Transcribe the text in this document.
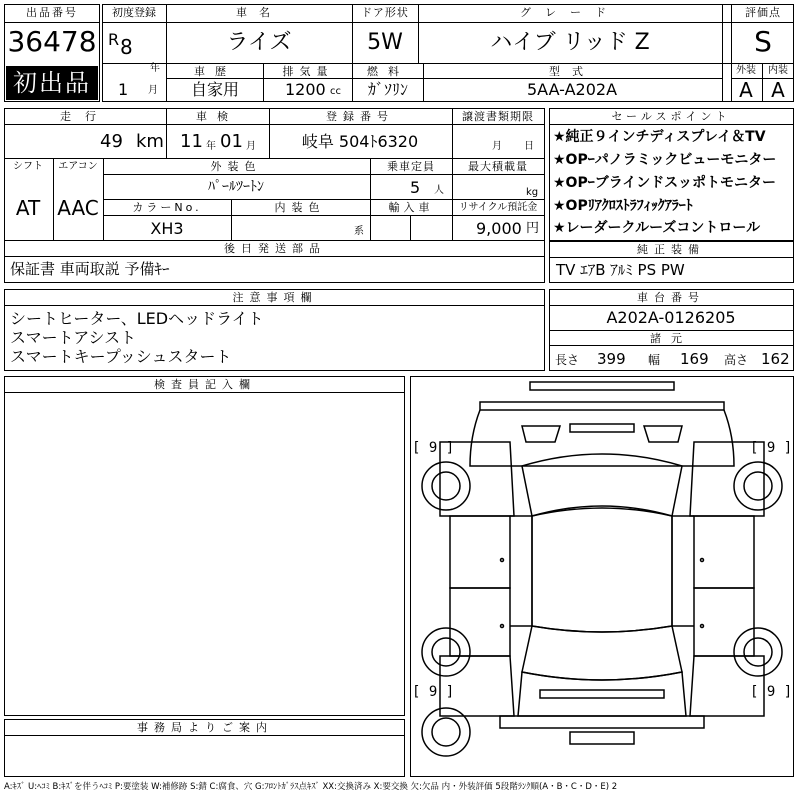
出品番号
36478
初出品
初度登録
R 8
年
1 月
車名
ライズ
ドア形状
5W
グレード
ハイブ リッド Z
評価点
S
車歴
自家用
排気量
1200 cc
燃料
ｶﾞｿﾘﾝ
型式
5AA-A202A
外装
A
内装
A
走行
49 km
車検
11 年 01 月
登録番号
岐阜 504ﾄ6320
譲渡書類期限
月 日
シフト
AT
エアコン
AAC
外装色
ﾊﾟｰﾙﾂｰﾄﾝ
乗車定員
5 人
最大積載量
kg
カラーNo.
XH3
内装色
系
輸入車	リサイクル預託金
9,000 円
後日発送部品
保証書 車両取説 予備ｷｰ
セールスポイント
★純正９インチディスプレイ＆TV
★OPｰパノラミックビューモニター
★OPｰブラインドスッポトモニター
★OPﾘｱｸﾛｽﾄﾗﾌｨｯｸｱﾗｰﾄ
★レーダークルーズコントロール
純正装備
TV ｴｱB ｱﾙﾐ PS PW
注意事項欄
シートヒーター、LEDヘッドライト
スマートアシスト
スマートキープッシュスタート
車台番号
A202A-0126205
諸元
長さ 399 幅 169 高さ 162
検査員記入欄
事務局よりご案内
[ 9 ]	[ 9 ]
[ 9 ]	[ 9 ]
A:ｷｽﾞ U:ﾍｺﾐ B:ｷｽﾞを伴うﾍｺﾐ P:要塗装 W:補修跡 S:錆 C:腐食、穴 G:ﾌﾛﾝﾄｶﾞﾗｽ点ｷｽﾞ XX:交換済み X:要交換 欠:欠品 内・外装評価 5段階ﾗﾝｸ順(A・B・C・D・E) 2
